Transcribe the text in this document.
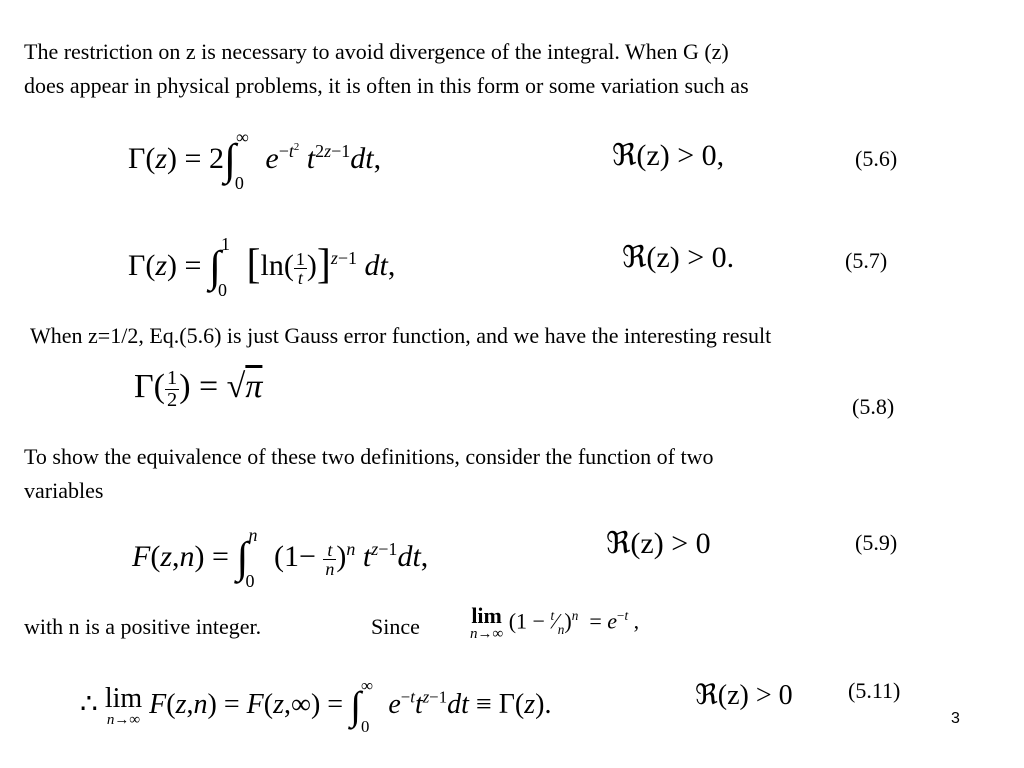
The restriction on z is necessary to avoid divergence of the integral. When G (z)
does appear in physical problems, it is often in this form or some variation such as
$\Gamma(z) = 2\int^\infty_0$ $e^{-t^2}$ $t^{2z-1}dt$,	ℜ(z) > 0,	(5.6)
Γ(z) = ∫$^1_0$ $[\ln( \frac{1}{t} )]^{z-1}$ dt,	ℜ(z) > 0.	(5.7)
When z=1/2, Eq.(5.6) is just Gauss error function, and we have the interesting result
$\Gamma( \frac{1}{2}$ ) = √π
(5.8)
To show the equivalence of these two definitions, consider the function of two
variables
F(z,n) = ∫$^n_0$ $(1- \frac{t}{n} )^n$ $t^{z-1}dt$,	ℜ(z) > 0	(5.9)
with n is a positive integer.	Since lim
n→∞
$(1 - ^t⁄_n)^n = e^{-t}$ ,
∴ lim
n→∞
$F(z,n) = F(z,\infty) = \int^\infty_0$ $e^{-t}t^{z-1}dt \equiv \Gamma(z)$.	ℜ(z) > 0	(5.11)
3
